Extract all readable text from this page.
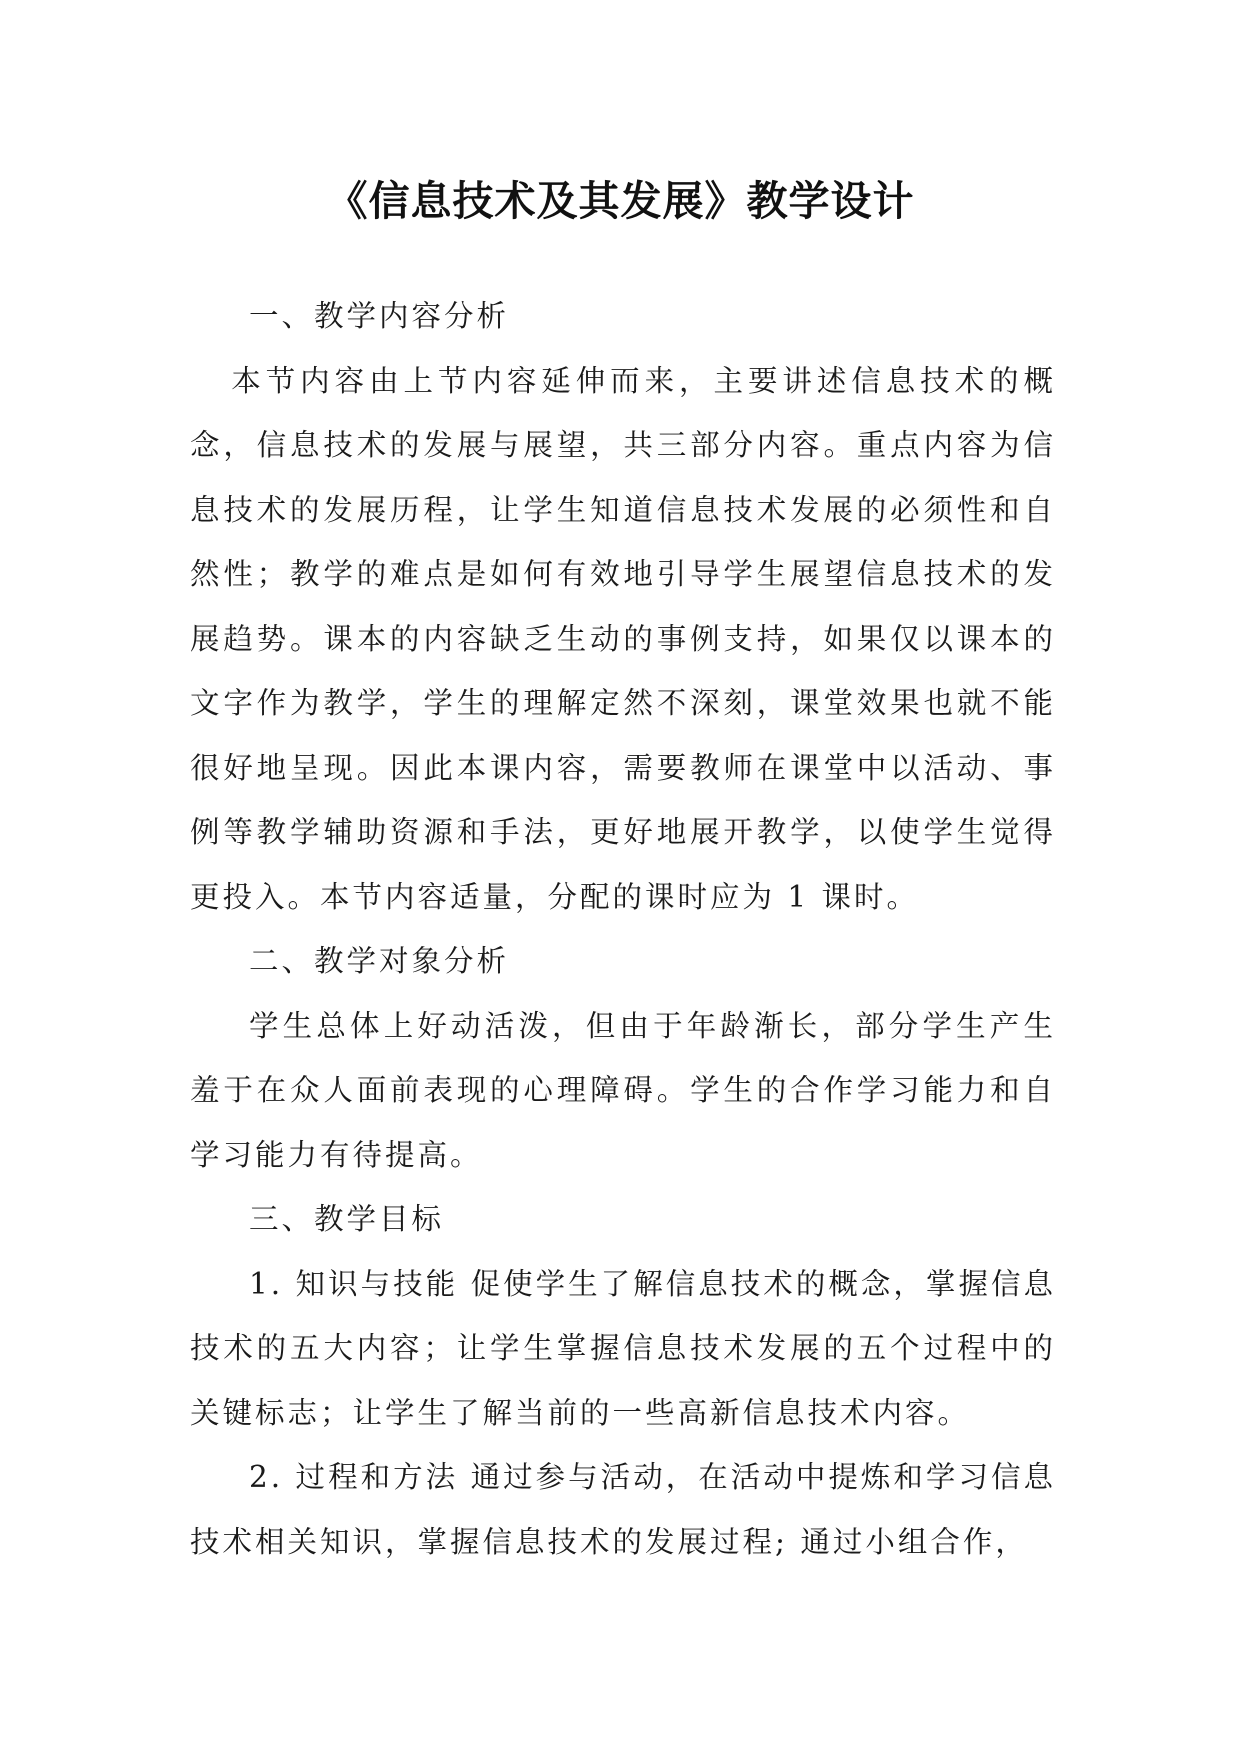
《信息技术及其发展》教学设计

一、教学内容分析

本节内容由上节内容延伸而来，主要讲述信息技术的概念，信息技术的发展与展望，共三部分内容。重点内容为信息技术的发展历程，让学生知道信息技术发展的必须性和自然性；教学的难点是如何有效地引导学生展望信息技术的发展趋势。课本的内容缺乏生动的事例支持，如果仅以课本的文字作为教学，学生的理解定然不深刻，课堂效果也就不能很好地呈现。因此本课内容，需要教师在课堂中以活动、事例等教学辅助资源和手法，更好地展开教学，以使学生觉得更投入。本节内容适量，分配的课时应为 1 课时。

二、教学对象分析

学生总体上好动活泼，但由于年龄渐长，部分学生产生羞于在众人面前表现的心理障碍。学生的合作学习能力和自学习能力有待提高。

三、教学目标

1. 知识与技能 促使学生了解信息技术的概念，掌握信息技术的五大内容；让学生掌握信息技术发展的五个过程中的关键标志；让学生了解当前的一些高新信息技术内容。

2. 过程和方法 通过参与活动，在活动中提炼和学习信息技术相关知识，掌握信息技术的发展过程; 通过小组合作，
